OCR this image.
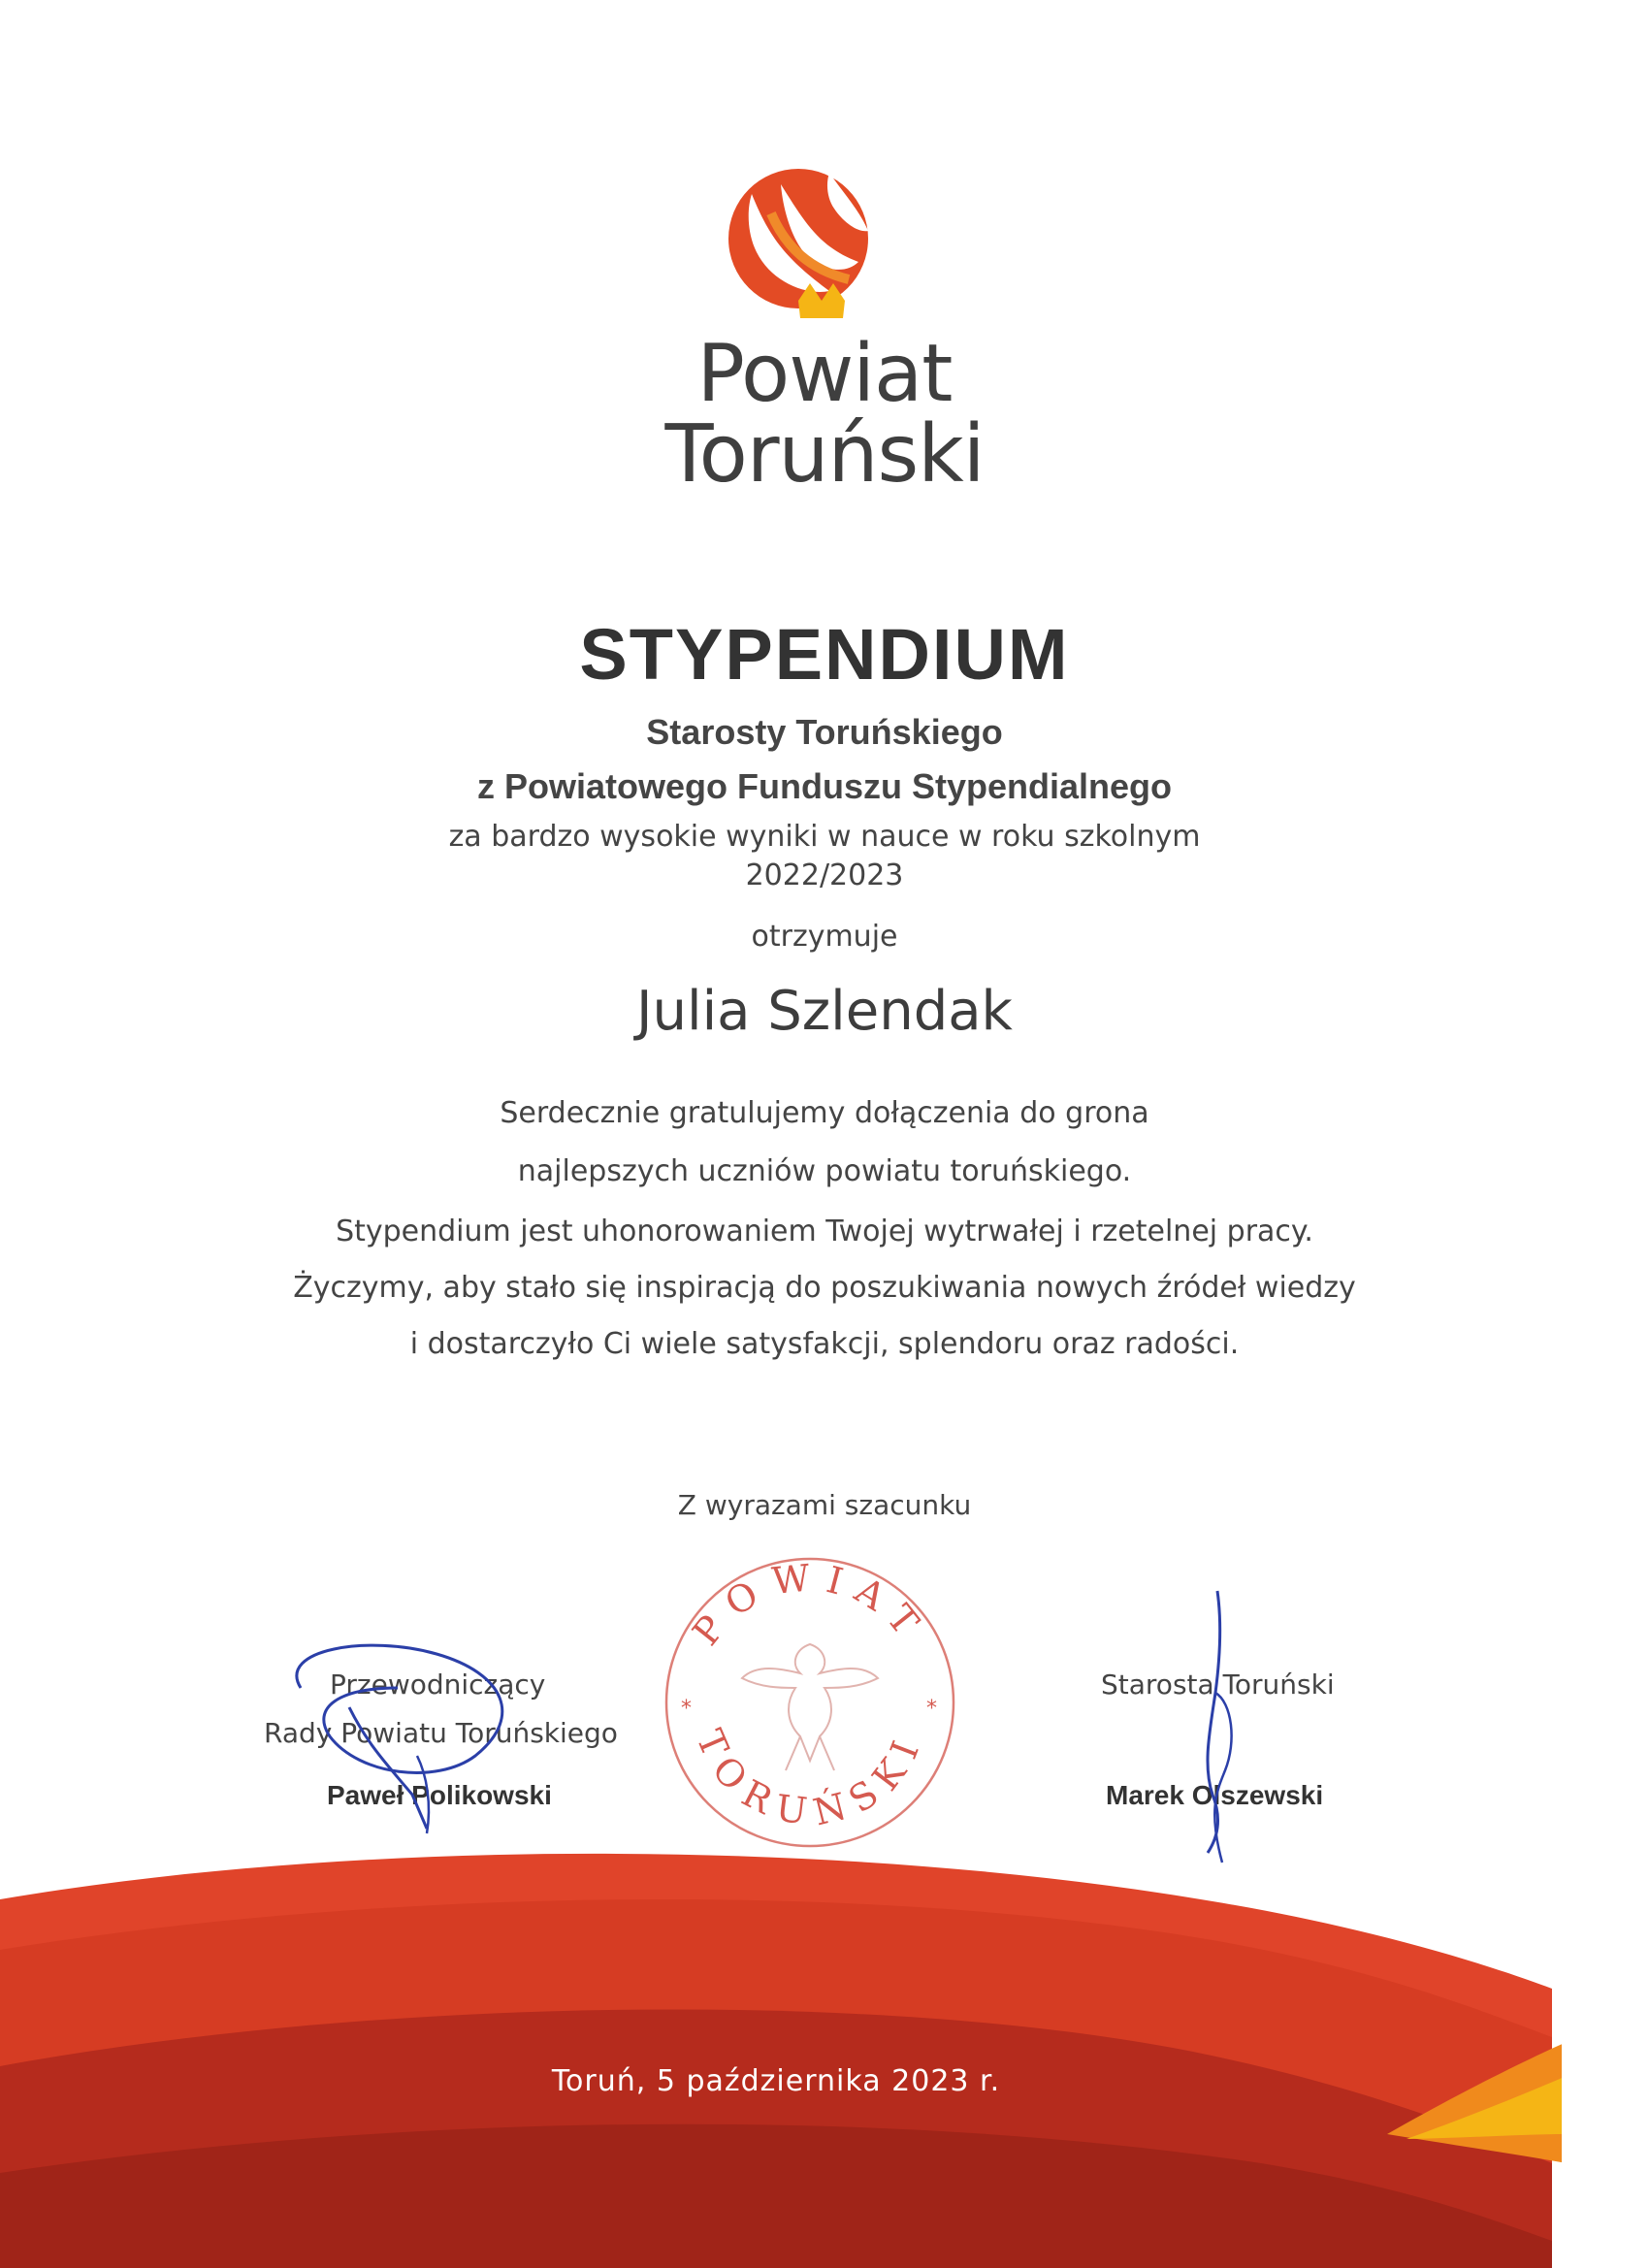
Powiat
Toruński
STYPENDIUM
Starosty Toruńskiego
z Powiatowego Funduszu Stypendialnego
za bardzo wysokie wyniki w nauce w roku szkolnym
2022/2023
otrzymuje
Julia Szlendak
Serdecznie gratulujemy dołączenia do grona
najlepszych uczniów powiatu toruńskiego.
Stypendium jest uhonorowaniem Twojej wytrwałej i rzetelnej pracy.
Życzymy, aby stało się inspiracją do poszukiwania nowych źródeł wiedzy
i dostarczyło Ci wiele satysfakcji, splendoru oraz radości.
Z wyrazami szacunku
Przewodniczący
Rady Powiatu Toruńskiego
Paweł Polikowski
Starosta Toruński
Marek Olszewski
POWIAT
TORUŃSKI
*	*
Toruń, 5 października 2023 r.
